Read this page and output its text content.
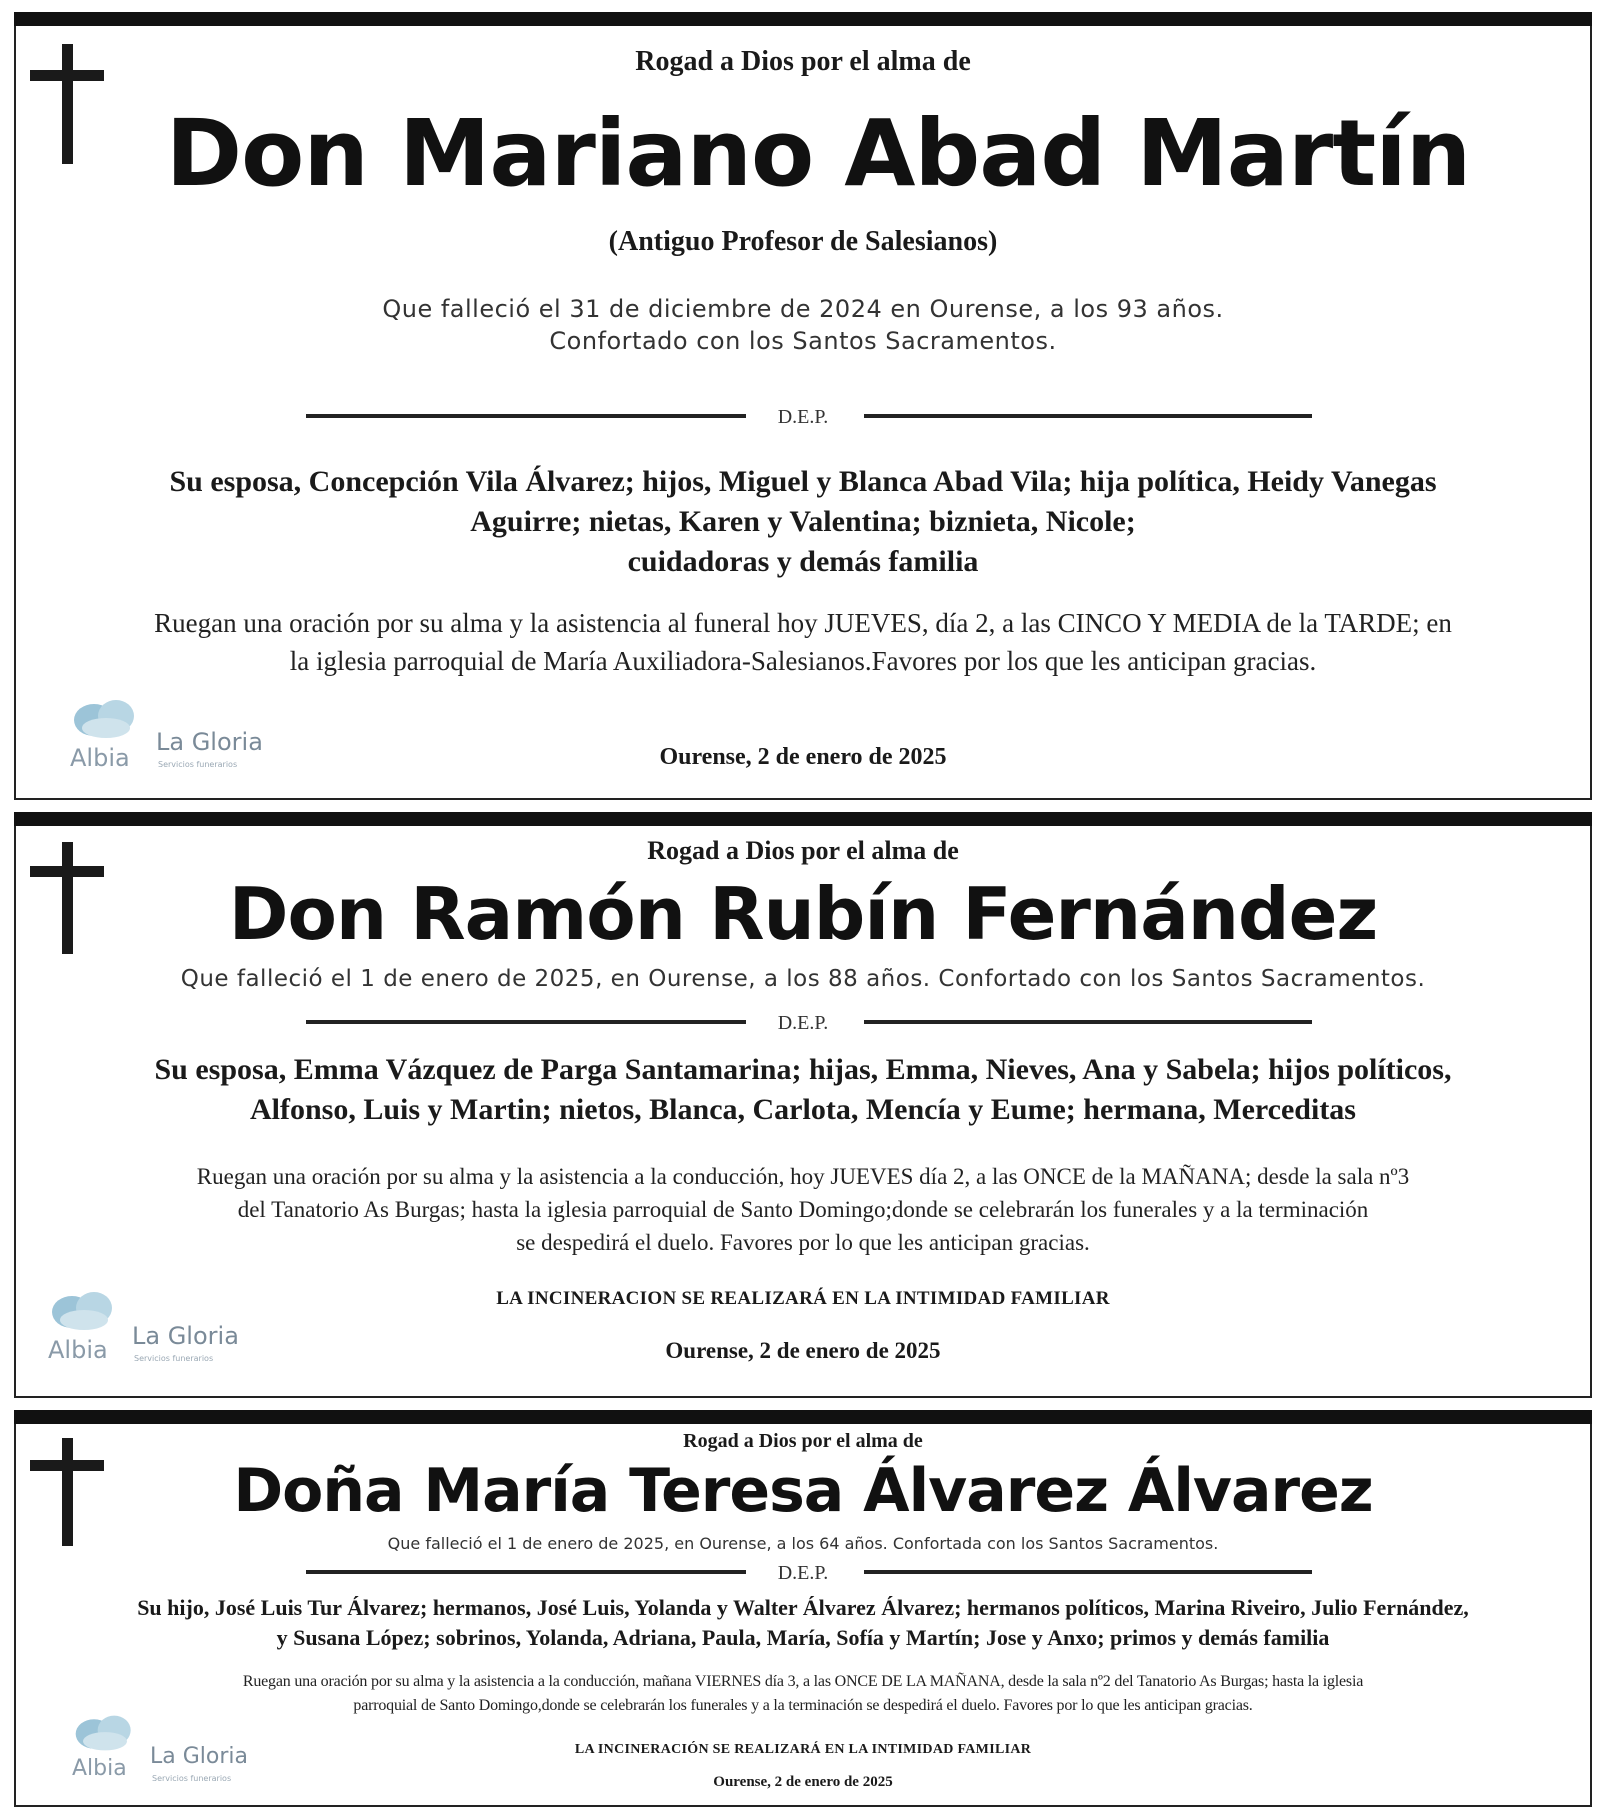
Rogad a Dios por el alma de
Don Mariano Abad Martín
(Antiguo Profesor de Salesianos)
Que falleció el 31 de diciembre de 2024 en Ourense, a los 93 años.
Confortado con los Santos Sacramentos.
D.E.P.
Su esposa, Concepción Vila Álvarez; hijos, Miguel y Blanca Abad Vila; hija política, Heidy Vanegas
Aguirre; nietas, Karen y Valentina; biznieta, Nicole;
cuidadoras y demás familia
Ruegan una oración por su alma y la asistencia al funeral hoy JUEVES, día 2, a las CINCO Y MEDIA de la TARDE; en
la iglesia parroquial de María Auxiliadora-Salesianos.Favores por los que les anticipan gracias.
Albia
La Gloria
Servicios funerarios	Ourense, 2 de enero de 2025
Rogad a Dios por el alma de
Don Ramón Rubín Fernández
Que falleció el 1 de enero de 2025, en Ourense, a los 88 años. Confortado con los Santos Sacramentos.
D.E.P.
Su esposa, Emma Vázquez de Parga Santamarina; hijas, Emma, Nieves, Ana y Sabela; hijos políticos,
Alfonso, Luis y Martin; nietos, Blanca, Carlota, Mencía y Eume; hermana, Merceditas
Ruegan una oración por su alma y la asistencia a la conducción, hoy JUEVES día 2, a las ONCE de la MAÑANA; desde la sala nº3
del Tanatorio As Burgas; hasta la iglesia parroquial de Santo Domingo;donde se celebrarán los funerales y a la terminación
se despedirá el duelo. Favores por lo que les anticipan gracias.
LA INCINERACION SE REALIZARÁ EN LA INTIMIDAD FAMILIAR
Albia La Gloria
Servicios funerarios	Ourense, 2 de enero de 2025
Rogad a Dios por el alma de
Doña María Teresa Álvarez Álvarez
Que falleció el 1 de enero de 2025, en Ourense, a los 64 años. Confortada con los Santos Sacramentos.
D.E.P.
Su hijo, José Luis Tur Álvarez; hermanos, José Luis, Yolanda y Walter Álvarez Álvarez; hermanos políticos, Marina Riveiro, Julio Fernández,
y Susana López; sobrinos, Yolanda, Adriana, Paula, María, Sofía y Martín; Jose y Anxo; primos y demás familia
Ruegan una oración por su alma y la asistencia a la conducción, mañana VIERNES día 3, a las ONCE DE LA MAÑANA, desde la sala nº2 del Tanatorio As Burgas; hasta la iglesia
parroquial de Santo Domingo,donde se celebrarán los funerales y a la terminación se despedirá el duelo. Favores por lo que les anticipan gracias.
LA INCINERACIÓN SE REALIZARÁ EN LA INTIMIDAD FAMILIAR
Albia La Gloria
Servicios funerarios	Ourense, 2 de enero de 2025
